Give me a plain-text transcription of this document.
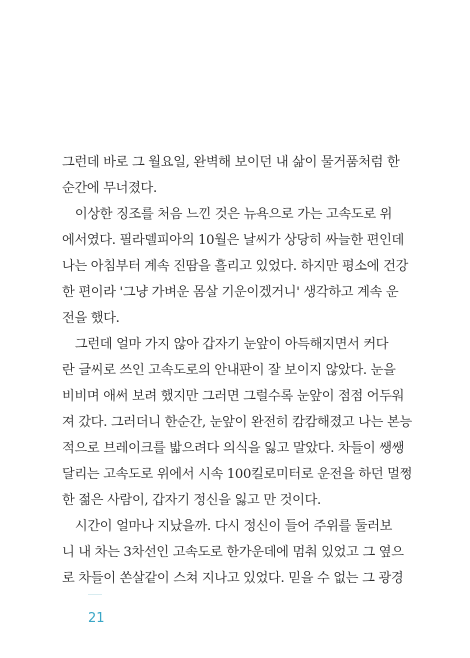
그런데 바로 그 월요일, 완벽해 보이던 내 삶이 물거품처럼 한
순간에 무너졌다.
　이상한 징조를 처음 느낀 것은 뉴욕으로 가는 고속도로 위
에서였다. 필라델피아의 10월은 날씨가 상당히 싸늘한 편인데
나는 아침부터 계속 진땀을 흘리고 있었다. 하지만 평소에 건강
한 편이라 '그냥 가벼운 몸살 기운이겠거니' 생각하고 계속 운
전을 했다.
　그런데 얼마 가지 않아 갑자기 눈앞이 아득해지면서 커다
란 글씨로 쓰인 고속도로의 안내판이 잘 보이지 않았다. 눈을
비비며 애써 보려 했지만 그러면 그럴수록 눈앞이 점점 어두워
져 갔다. 그러더니 한순간, 눈앞이 완전히 캄캄해졌고 나는 본능
적으로 브레이크를 밟으려다 의식을 잃고 말았다. 차들이 쌩쌩
달리는 고속도로 위에서 시속 100킬로미터로 운전을 하던 멀쩡
한 젊은 사람이, 갑자기 정신을 잃고 만 것이다.
　시간이 얼마나 지났을까. 다시 정신이 들어 주위를 둘러보
니 내 차는 3차선인 고속도로 한가운데에 멈춰 있었고 그 옆으
로 차들이 쏜살같이 스쳐 지나고 있었다. 믿을 수 없는 그 광경
21
